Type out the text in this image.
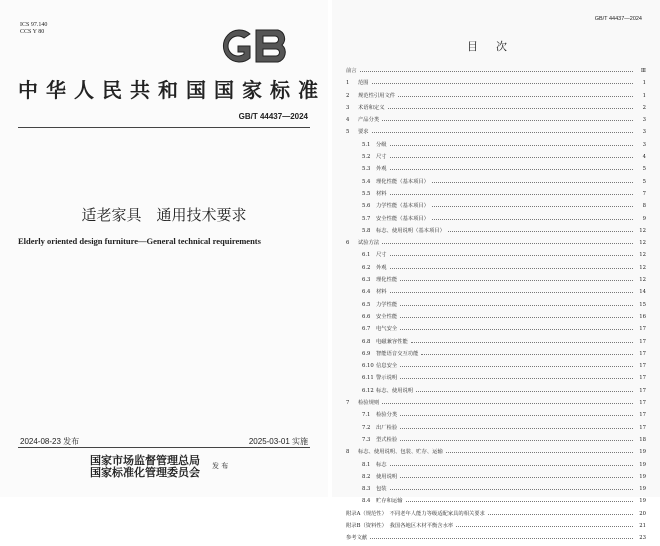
ICS 97.140
CCS Y 80
中华人民共和国国家标准
GB/T 44437—2024
适老家具　通用技术要求
Elderly oriented design furniture—General technical requirements
2024-08-23 发布	2025-03-01 实施
国家市场监督管理总局
国家标准化管理委员会 发 布
GB/T 44437—2024
目次
前言	Ⅲ
1	范围	1
2	规范性引用文件	1
3	术语和定义	2
4	产品分类	3
5	要求	3
5.1	分级	3
5.2	尺寸	4
5.3	外观	5
5.4	理化性能（基本项目）	5
5.5	材料	7
5.6	力学性能（基本项目）	8
5.7	安全性能（基本项目）	9
5.8	标志、使用说明（基本项目）	12
6	试验方法	12
6.1	尺寸	12
6.2	外观	12
6.3	理化性能	12
6.4	材料	14
6.5	力学性能	15
6.6	安全性能	16
6.7	电气安全	17
6.8	电磁兼容性能	17
6.9	智能语音交互功能	17
6.10 信息安全	17
6.11 警示说明	17
6.12 标志、使用说明	17
7	检验规则	17
7.1	检验分类	17
7.2	出厂检验	17
7.3	型式检验	18
8	标志、使用说明、包装、贮存、运输	19
8.1	标志	19
8.2	使用说明	19
8.3	包装	19
8.4	贮存和运输	19
附录A（规范性）　不同老年人能力等级适配家具的相关要求	20
附录B（资料性）　我国各地区木材平衡含水率	21
参考文献	23
